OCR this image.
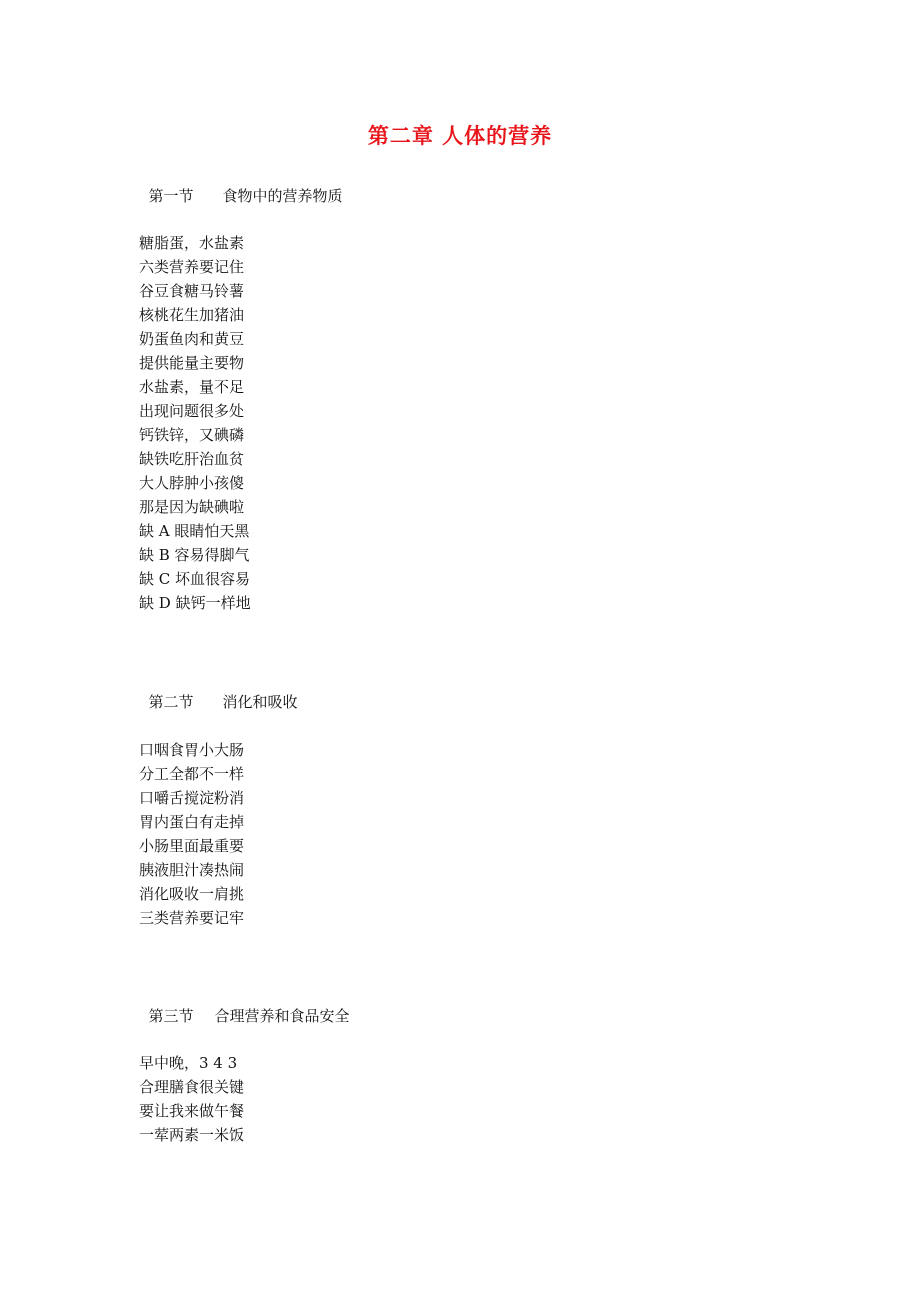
第二章 人体的营养

第一节 食物中的营养物质

糖脂蛋，水盐素
六类营养要记住
谷豆食糖马铃薯
核桃花生加猪油
奶蛋鱼肉和黄豆
提供能量主要物
水盐素，量不足
出现问题很多处
钙铁锌，又碘磷
缺铁吃肝治血贫
大人脖肿小孩傻
那是因为缺碘啦
缺 A 眼睛怕天黑
缺 B 容易得脚气
缺 C 坏血很容易
缺 D 缺钙一样地

第二节 消化和吸收

口咽食胃小大肠
分工全都不一样
口嚼舌搅淀粉消
胃内蛋白有走掉
小肠里面最重要
胰液胆汁凑热闹
消化吸收一肩挑
三类营养要记牢

第三节 合理营养和食品安全

早中晚，3 4 3
合理膳食很关键
要让我来做午餐
一荤两素一米饭
